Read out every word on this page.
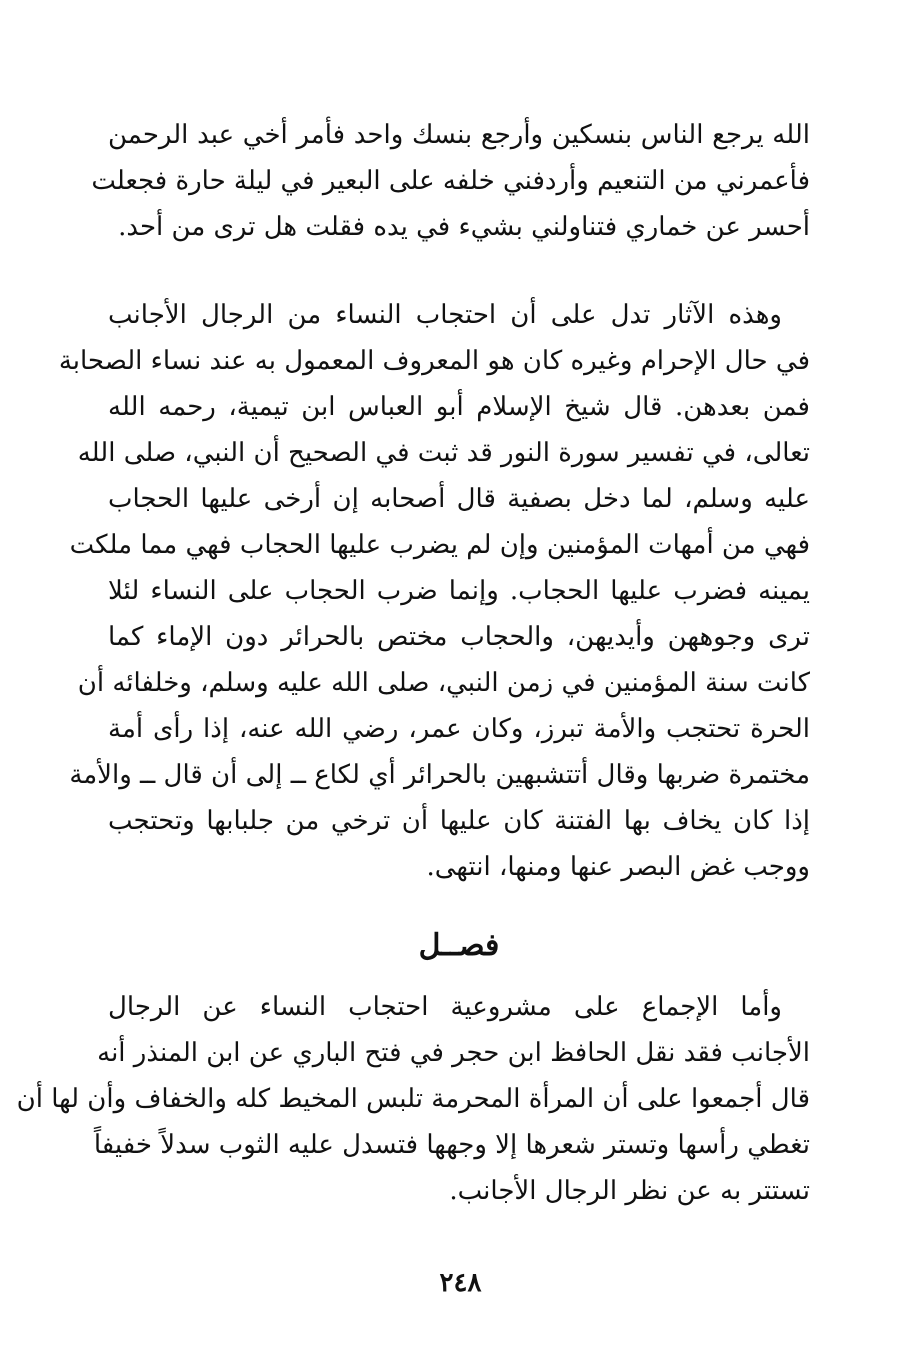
الله يرجع الناس بنسكين وأرجع بنسك واحد فأمر أخي عبد الرحمن
فأعمرني من التنعيم وأردفني خلفه على البعير في ليلة حارة فجعلت
أحسر عن خماري فتناولني بشيء في يده فقلت هل ترى من أحد.
وهذه الآثار تدل على أن احتجاب النساء من الرجال الأجانب
في حال الإحرام وغيره كان هو المعروف المعمول به عند نساء الصحابة
فمن بعدهن. قال شيخ الإسلام أبو العباس ابن تيمية، رحمه الله
تعالى، في تفسير سورة النور قد ثبت في الصحيح أن النبي، صلى الله
عليه وسلم، لما دخل بصفية قال أصحابه إن أرخى عليها الحجاب
فهي من أمهات المؤمنين وإن لم يضرب عليها الحجاب فهي مما ملكت
يمينه فضرب عليها الحجاب. وإنما ضرب الحجاب على النساء لئلا
ترى وجوههن وأيديهن، والحجاب مختص بالحرائر دون الإماء كما
كانت سنة المؤمنين في زمن النبي، صلى الله عليه وسلم، وخلفائه أن
الحرة تحتجب والأمة تبرز، وكان عمر، رضي الله عنه، إذا رأى أمة
مختمرة ضربها وقال أتتشبهين بالحرائر أي لكاع ــ إلى أن قال ــ والأمة
إذا كان يخاف بها الفتنة كان عليها أن ترخي من جلبابها وتحتجب
ووجب غض البصر عنها ومنها، انتهى.
فصــل
وأما الإجماع على مشروعية احتجاب النساء عن الرجال
الأجانب فقد نقل الحافظ ابن حجر في فتح الباري عن ابن المنذر أنه
قال أجمعوا على أن المرأة المحرمة تلبس المخيط كله والخفاف وأن لها أن
تغطي رأسها وتستر شعرها إلا وجهها فتسدل عليه الثوب سدلاً خفيفاً
تستتر به عن نظر الرجال الأجانب.
٢٤٨
